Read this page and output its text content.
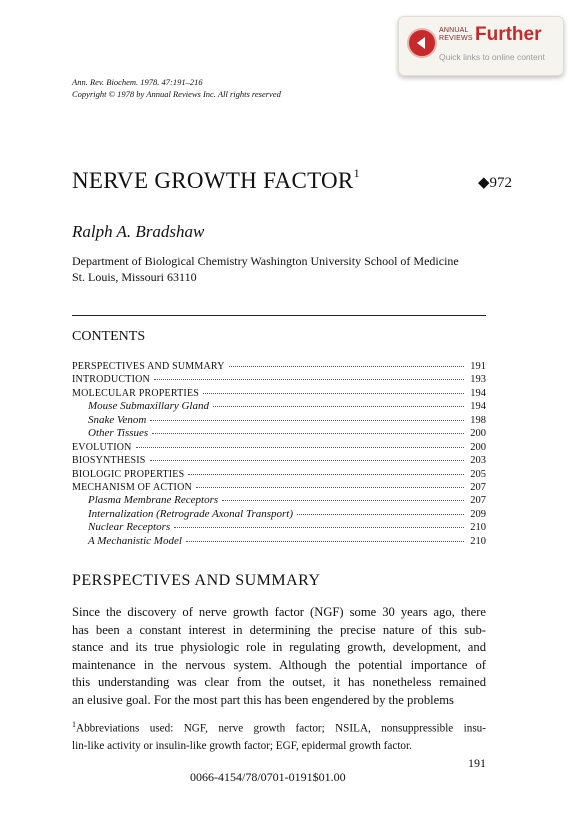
ANNUAL
REVIEWS Further
Quick links to online content
Ann. Rev. Biochem. 1978. 47:191–216
Copyright © 1978 by Annual Reviews Inc. All rights reserved
NERVE GROWTH FACTOR$^1$
◆972
Ralph A. Bradshaw
Department of Biological Chemistry Washington University School of Medicine
St. Louis, Missouri 63110
CONTENTS
PERSPECTIVES AND SUMMARY	191
INTRODUCTION	193
MOLECULAR PROPERTIES	194
Mouse Submaxillary Gland	194
Snake Venom	198
Other Tissues	200
EVOLUTION	200
BIOSYNTHESIS	203
BIOLOGIC PROPERTIES	205
MECHANISM OF ACTION	207
Plasma Membrane Receptors	207
Internalization (Retrograde Axonal Transport)	209
Nuclear Receptors	210
A Mechanistic Model	210
PERSPECTIVES AND SUMMARY
Since the discovery of nerve growth factor (NGF) some 30 years ago, there
has been a constant interest in determining the precise nature of this sub-
stance and its true physiologic role in regulating growth, development, and
maintenance in the nervous system. Although the potential importance of
this understanding was clear from the outset, it has nonetheless remained
an elusive goal. For the most part this has been engendered by the problems
$^1$Abbreviations used: NGF, nerve growth factor; NSILA, nonsuppressible insu-
lin-like activity or insulin-like growth factor; EGF, epidermal growth factor.
191
0066-4154/78/0701-0191$01.00
